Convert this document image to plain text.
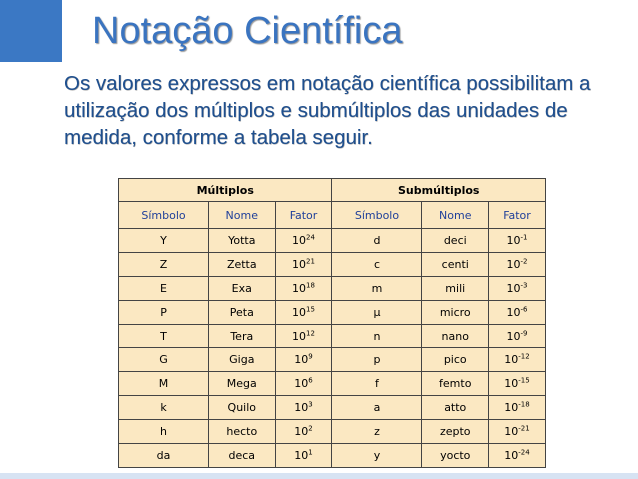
Notação Científica
Os valores expressos em notação científica possibilitam a utilização dos múltiplos e submúltiplos das unidades de medida, conforme a tabela seguir.
Múltiplos			Submúltiplos		
Símbolo	Nome	Fator	Símbolo	Nome	Fator
Y	Yotta	$10^{24}$	d	deci	$10^{-1}$
Z	Zetta	$10^{21}$	c	centi	$10^{-2}$
E	Exa	$10^{18}$	m	mili	$10^{-3}$
P	Peta	$10^{15}$	µ	micro	$10^{-6}$
T	Tera	$10^{12}$	n	nano	$10^{-9}$
G	Giga	$10^9$	p	pico	$10^{-12}$
M	Mega	$10^6$	f	femto	$10^{-15}$
k	Quilo	$10^3$	a	atto	$10^{-18}$
h	hecto	$10^2$	z	zepto	$10^{-21}$
da	deca	$10^1$	y	yocto	$10^{-24}$
